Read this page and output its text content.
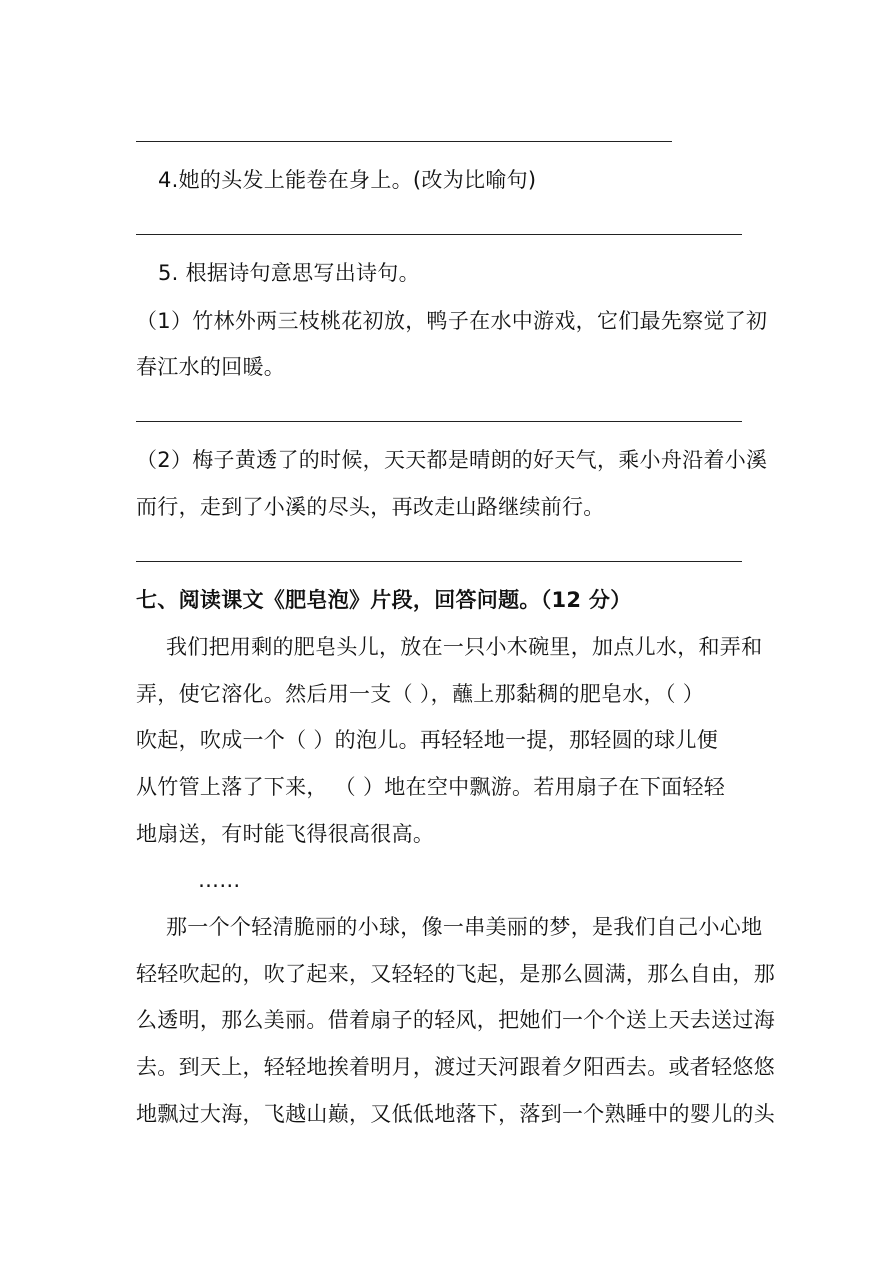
4.她的头发上能卷在身上。(改为比喻句)
5. 根据诗句意思写出诗句。
（1）竹林外两三枝桃花初放，鸭子在水中游戏，它们最先察觉了初
春江水的回暖。
（2）梅子黄透了的时候，天天都是晴朗的好天气，乘小舟沿着小溪
而行，走到了小溪的尽头，再改走山路继续前行。
七、阅读课文《肥皂泡》片段，回答问题。（12 分）
我们把用剩的肥皂头儿，放在一只小木碗里，加点儿水，和弄和
弄，使它溶化。然后用一支（ ），蘸上那黏稠的肥皂水，（ ）
吹起，吹成一个（ ）的泡儿。再轻轻地一提，那轻圆的球儿便
从竹管上落了下来， （ ）地在空中飘游。若用扇子在下面轻轻
地扇送，有时能飞得很高很高。
……
那一个个轻清脆丽的小球，像一串美丽的梦，是我们自己小心地
轻轻吹起的，吹了起来，又轻轻的飞起，是那么圆满，那么自由，那
么透明，那么美丽。借着扇子的轻风，把她们一个个送上天去送过海
去。到天上，轻轻地挨着明月，渡过天河跟着夕阳西去。或者轻悠悠
地飘过大海，飞越山巅，又低低地落下，落到一个熟睡中的婴儿的头
